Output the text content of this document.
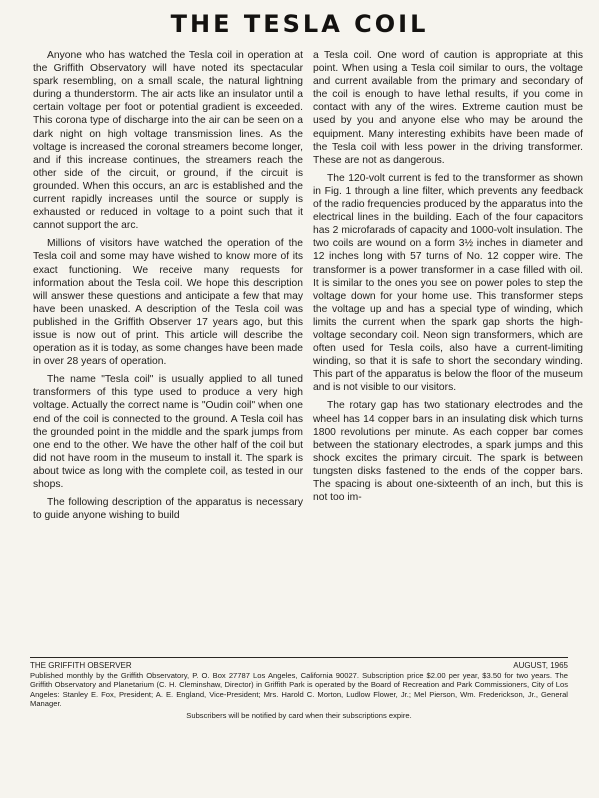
THE TESLA COIL

Anyone who has watched the Tesla coil in operation at the Griffith Observatory will have noted its spectacular spark resembling, on a small scale, the natural lightning during a thunderstorm. The air acts like an insulator until a certain voltage per foot or potential gradient is exceeded. This corona type of discharge into the air can be seen on a dark night on high voltage transmission lines. As the voltage is increased the coronal streamers become longer, and if this increase continues, the streamers reach the other side of the circuit, or ground, if the circuit is grounded. When this occurs, an arc is established and the current rapidly increases until the source or supply is exhausted or reduced in voltage to a point such that it cannot support the arc.

Millions of visitors have watched the operation of the Tesla coil and some may have wished to know more of its exact functioning. We receive many requests for information about the Tesla coil. We hope this description will answer these questions and anticipate a few that may have been unasked. A description of the Tesla coil was published in the Griffith Observer 17 years ago, but this issue is now out of print. This article will describe the operation as it is today, as some changes have been made in over 28 years of operation.

The name "Tesla coil" is usually applied to all tuned transformers of this type used to produce a very high voltage. Actually the correct name is "Oudin coil" when one end of the coil is connected to the ground. A Tesla coil has the grounded point in the middle and the spark jumps from one end to the other. We have the other half of the coil but did not have room in the museum to install it. The spark is about twice as long with the complete coil, as tested in our shops.

The following description of the apparatus is necessary to guide anyone wishing to build

a Tesla coil. One word of caution is appropriate at this point. When using a Tesla coil similar to ours, the voltage and current available from the primary and secondary of the coil is enough to have lethal results, if you come in contact with any of the wires. Extreme caution must be used by you and anyone else who may be around the equipment. Many interesting exhibits have been made of the Tesla coil with less power in the driving transformer. These are not as dangerous.

The 120-volt current is fed to the transformer as shown in Fig. 1 through a line filter, which prevents any feedback of the radio frequencies produced by the apparatus into the electrical lines in the building. Each of the four capacitors has 2 microfarads of capacity and 1000-volt insulation. The two coils are wound on a form 3½ inches in diameter and 12 inches long with 57 turns of No. 12 copper wire. The transformer is a power transformer in a case filled with oil. It is similar to the ones you see on power poles to step the voltage down for your home use. This transformer steps the voltage up and has a special type of winding, which limits the current when the spark gap shorts the high-voltage secondary coil. Neon sign transformers, which are often used for Tesla coils, also have a current-limiting winding, so that it is safe to short the secondary winding. This part of the apparatus is below the floor of the museum and is not visible to our visitors.

The rotary gap has two stationary electrodes and the wheel has 14 copper bars in an insulating disk which turns 1800 revolutions per minute. As each copper bar comes between the stationary electrodes, a spark jumps and this shock excites the primary circuit. The spark is between tungsten disks fastened to the ends of the copper bars. The spacing is about one-sixteenth of an inch, but this is not too im-

THE GRIFFITH OBSERVER	AUGUST, 1965
Published monthly by the Griffith Observatory, P. O. Box 27787 Los Angeles, California 90027. Subscription price $2.00 per year, $3.50 for two years. The Griffith Observatory and Planetarium (C. H. Cleminshaw, Director) in Griffith Park is operated by the Board of Recreation and Park Commissioners, City of Los Angeles: Stanley E. Fox, President; A. E. England, Vice-President; Mrs. Harold C. Morton, Ludlow Flower, Jr.; Mel Pierson, Wm. Frederickson, Jr., General Manager.
Subscribers will be notified by card when their subscriptions expire.
